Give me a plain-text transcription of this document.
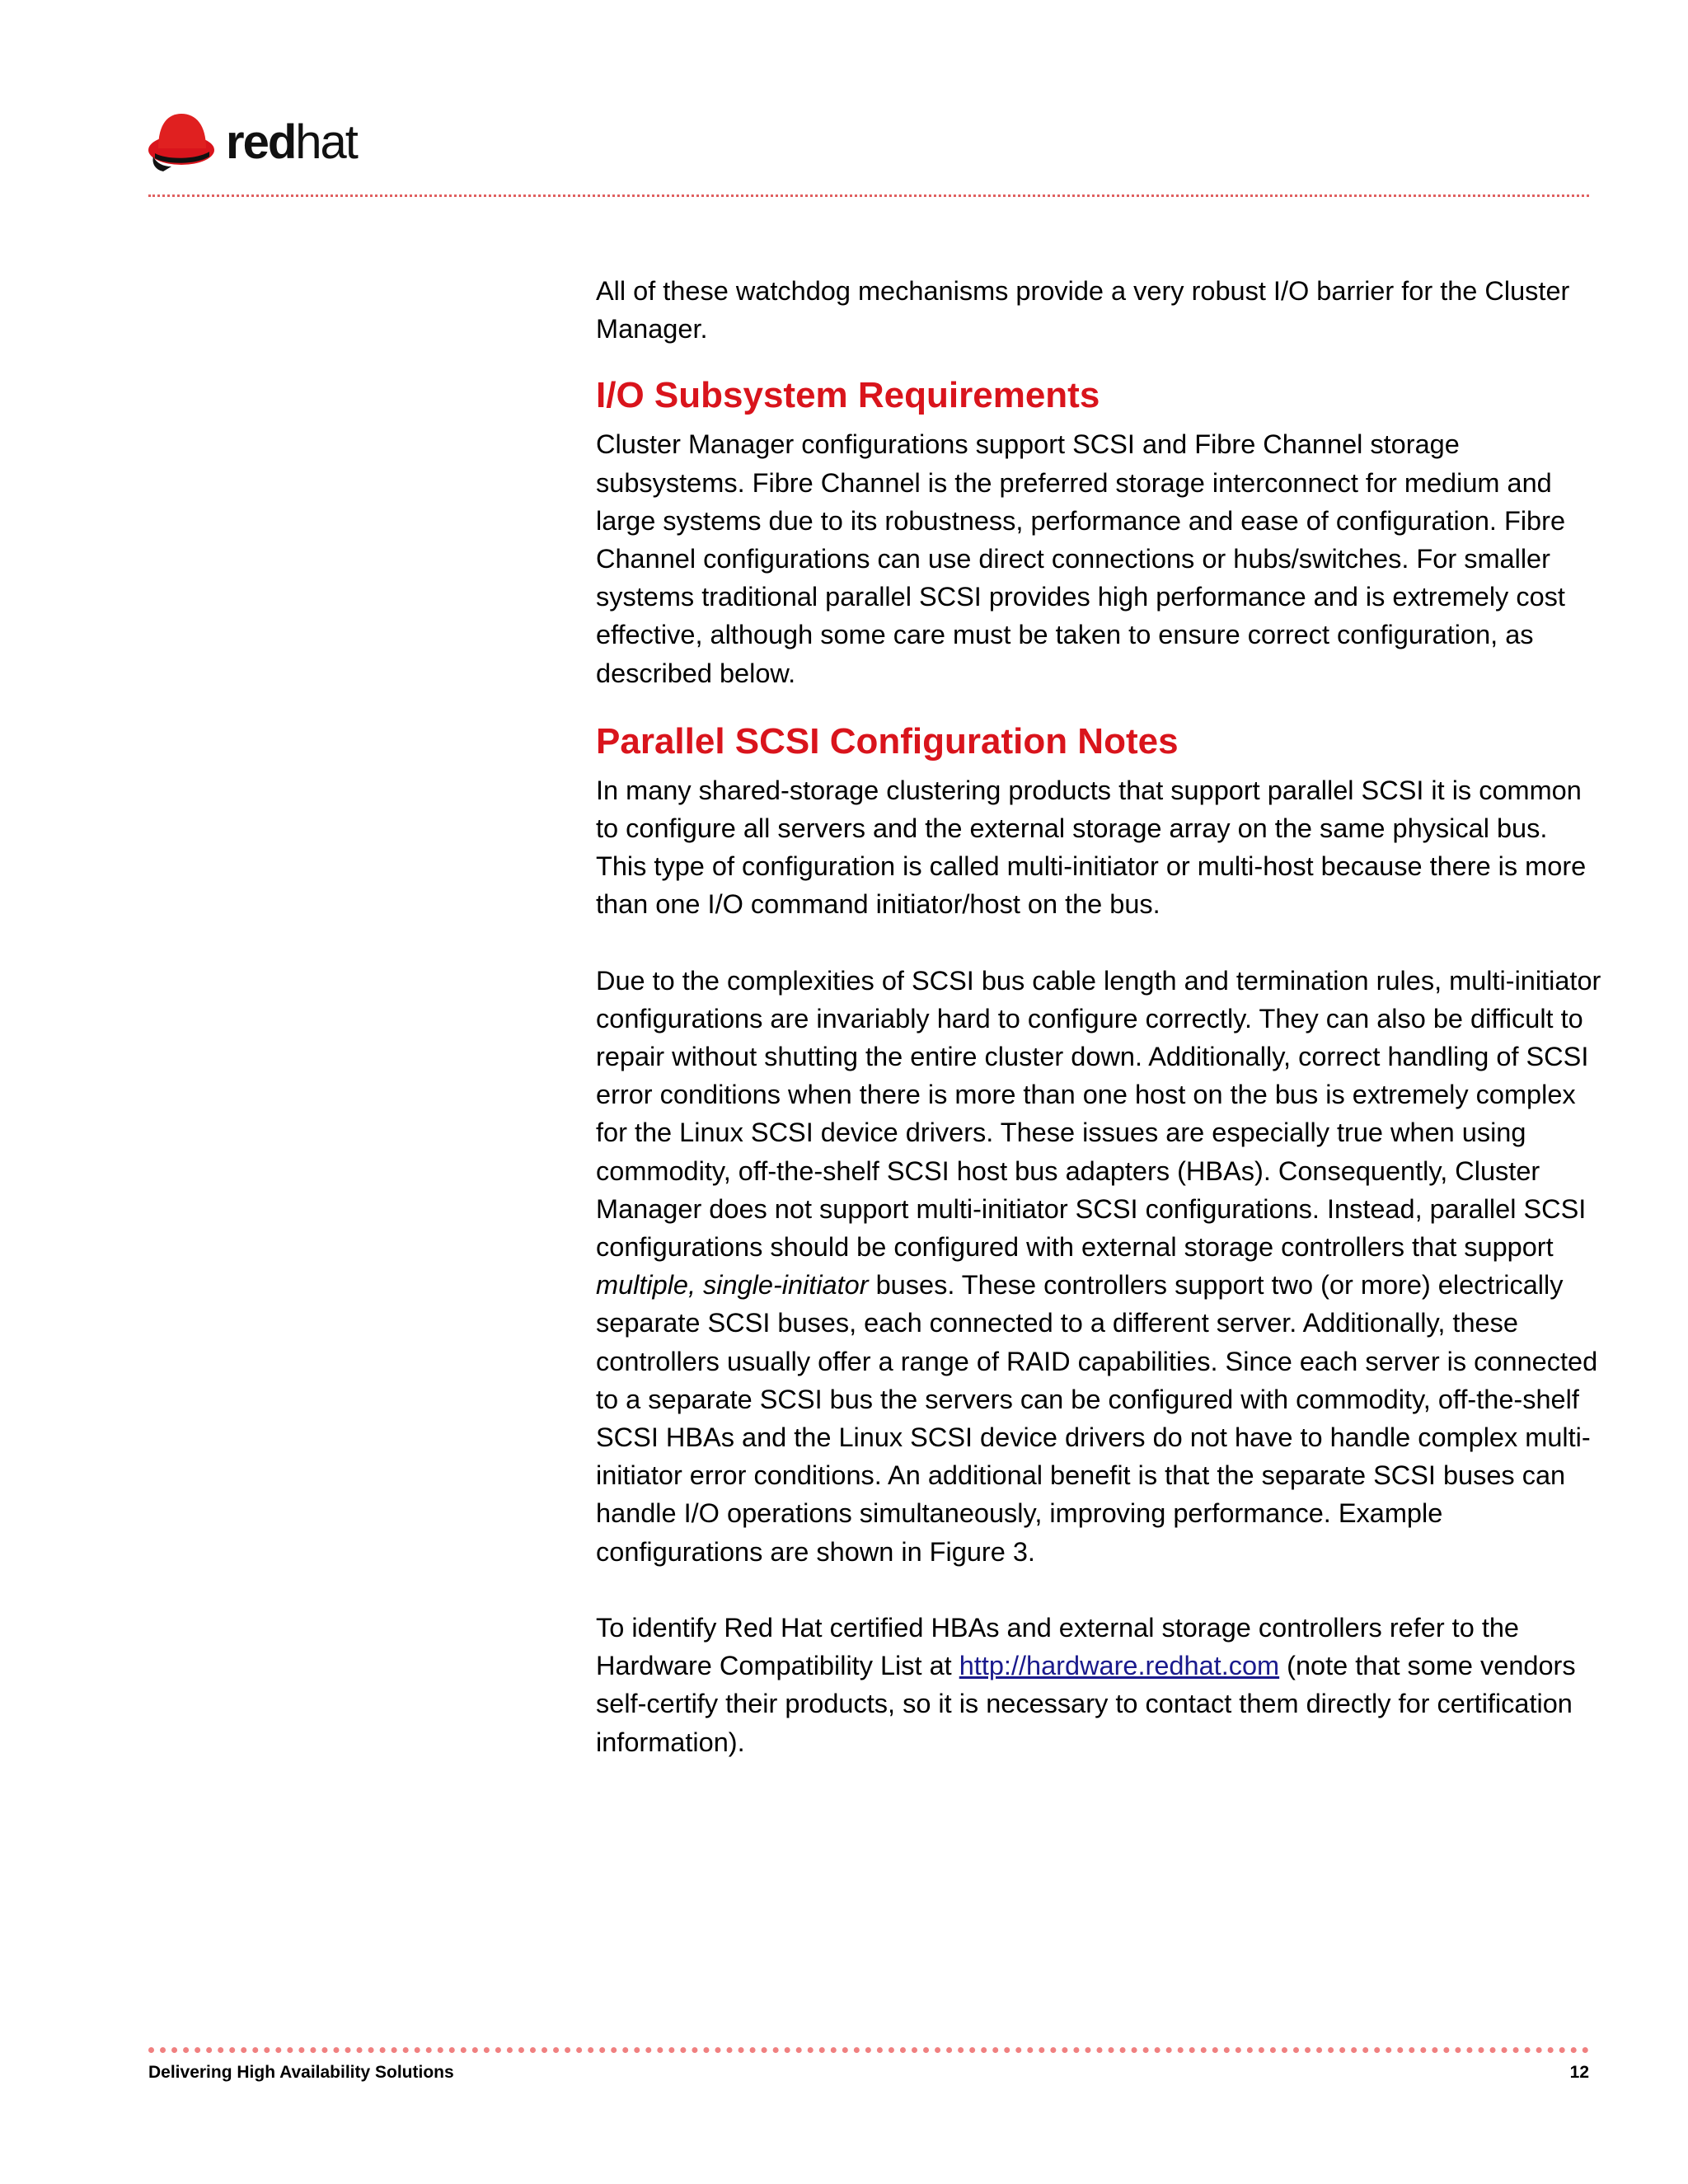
redhat

All of these watchdog mechanisms provide a very robust I/O barrier for the Cluster Manager.

I/O Subsystem Requirements

Cluster Manager configurations support SCSI and Fibre Channel storage subsystems. Fibre Channel is the preferred storage interconnect for medium and large systems due to its robustness, performance and ease of configuration. Fibre Channel configurations can use direct connections or hubs/switches. For smaller systems traditional parallel SCSI provides high performance and is extremely cost effective, although some care must be taken to ensure correct configuration, as described below.

Parallel SCSI Configuration Notes

In many shared-storage clustering products that support parallel SCSI it is common to configure all servers and the external storage array on the same physical bus. This type of configuration is called multi-initiator or multi-host because there is more than one I/O command initiator/host on the bus.

Due to the complexities of SCSI bus cable length and termination rules, multi-initiator configurations are invariably hard to configure correctly. They can also be difficult to repair without shutting the entire cluster down. Additionally, correct handling of SCSI error conditions when there is more than one host on the bus is extremely complex for the Linux SCSI device drivers. These issues are especially true when using commodity, off-the-shelf SCSI host bus adapters (HBAs). Consequently, Cluster Manager does not support multi-initiator SCSI configurations. Instead, parallel SCSI configurations should be configured with external storage controllers that support multiple, single-initiator buses. These controllers support two (or more) electrically separate SCSI buses, each connected to a different server. Additionally, these controllers usually offer a range of RAID capabilities. Since each server is connected to a separate SCSI bus the servers can be configured with commodity, off-the-shelf SCSI HBAs and the Linux SCSI device drivers do not have to handle complex multi-initiator error conditions. An additional benefit is that the separate SCSI buses can handle I/O operations simultaneously, improving performance. Example configurations are shown in Figure 3.

To identify Red Hat certified HBAs and external storage controllers refer to the Hardware Compatibility List at http://hardware.redhat.com (note that some vendors self-certify their products, so it is necessary to contact them directly for certification information).

Delivering High Availability Solutions	12
